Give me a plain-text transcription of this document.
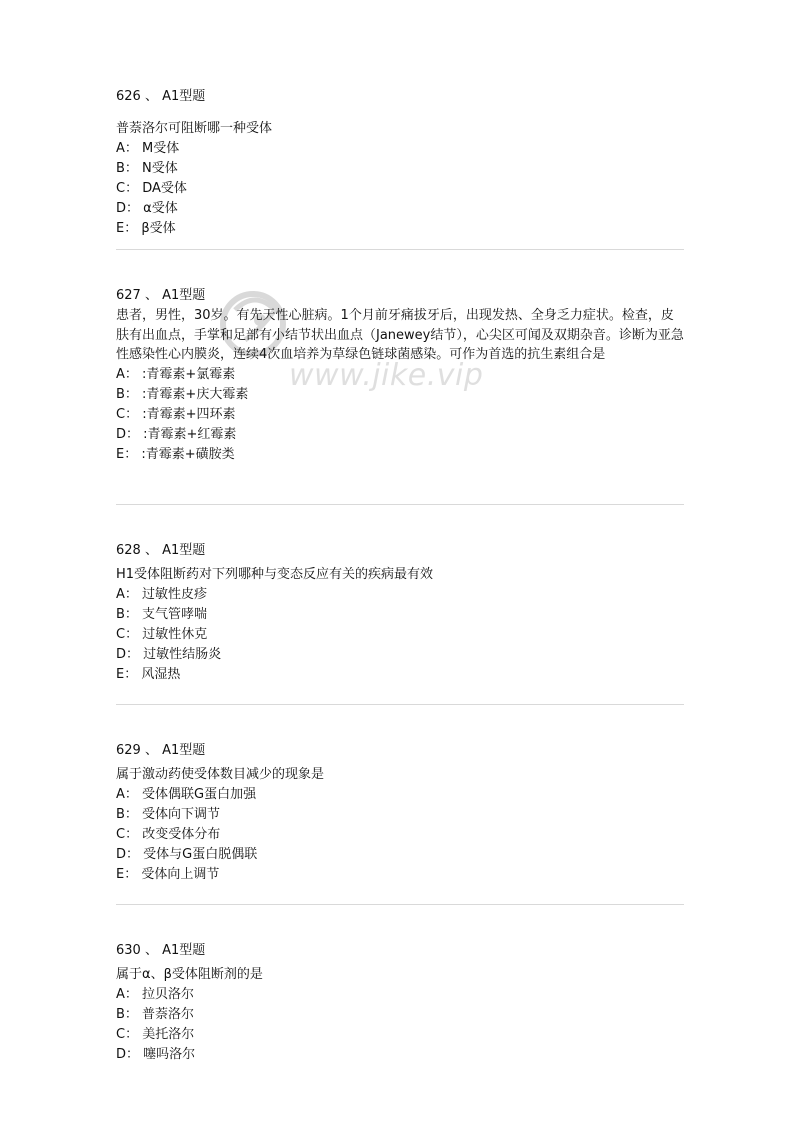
626 、 A1型题
普萘洛尔可阻断哪一种受体
A： M受体
B： N受体
C： DA受体
D： α受体
E： β受体
627 、 A1型题
患者，男性，30岁。有先天性心脏病。1个月前牙痛拔牙后，出现发热、全身乏力症状。检查，皮肤有出血点，手掌和足部有小结节状出血点（Janewey结节），心尖区可闻及双期杂音。诊断为亚急性感染性心内膜炎，连续4次血培养为草绿色链球菌感染。可作为首选的抗生素组合是
A： :青霉素+氯霉素
B： :青霉素+庆大霉素
C： :青霉素+四环素
D： :青霉素+红霉素
E： :青霉素+磺胺类
628 、 A1型题
H1受体阻断药对下列哪种与变态反应有关的疾病最有效
A： 过敏性皮疹
B： 支气管哮喘
C： 过敏性休克
D： 过敏性结肠炎
E： 风湿热
629 、 A1型题
属于激动药使受体数目减少的现象是
A： 受体偶联G蛋白加强
B： 受体向下调节
C： 改变受体分布
D： 受体与G蛋白脱偶联
E： 受体向上调节
630 、 A1型题
属于α、β受体阻断剂的是
A： 拉贝洛尔
B： 普萘洛尔
C： 美托洛尔
D： 噻吗洛尔
www.jike.vip
